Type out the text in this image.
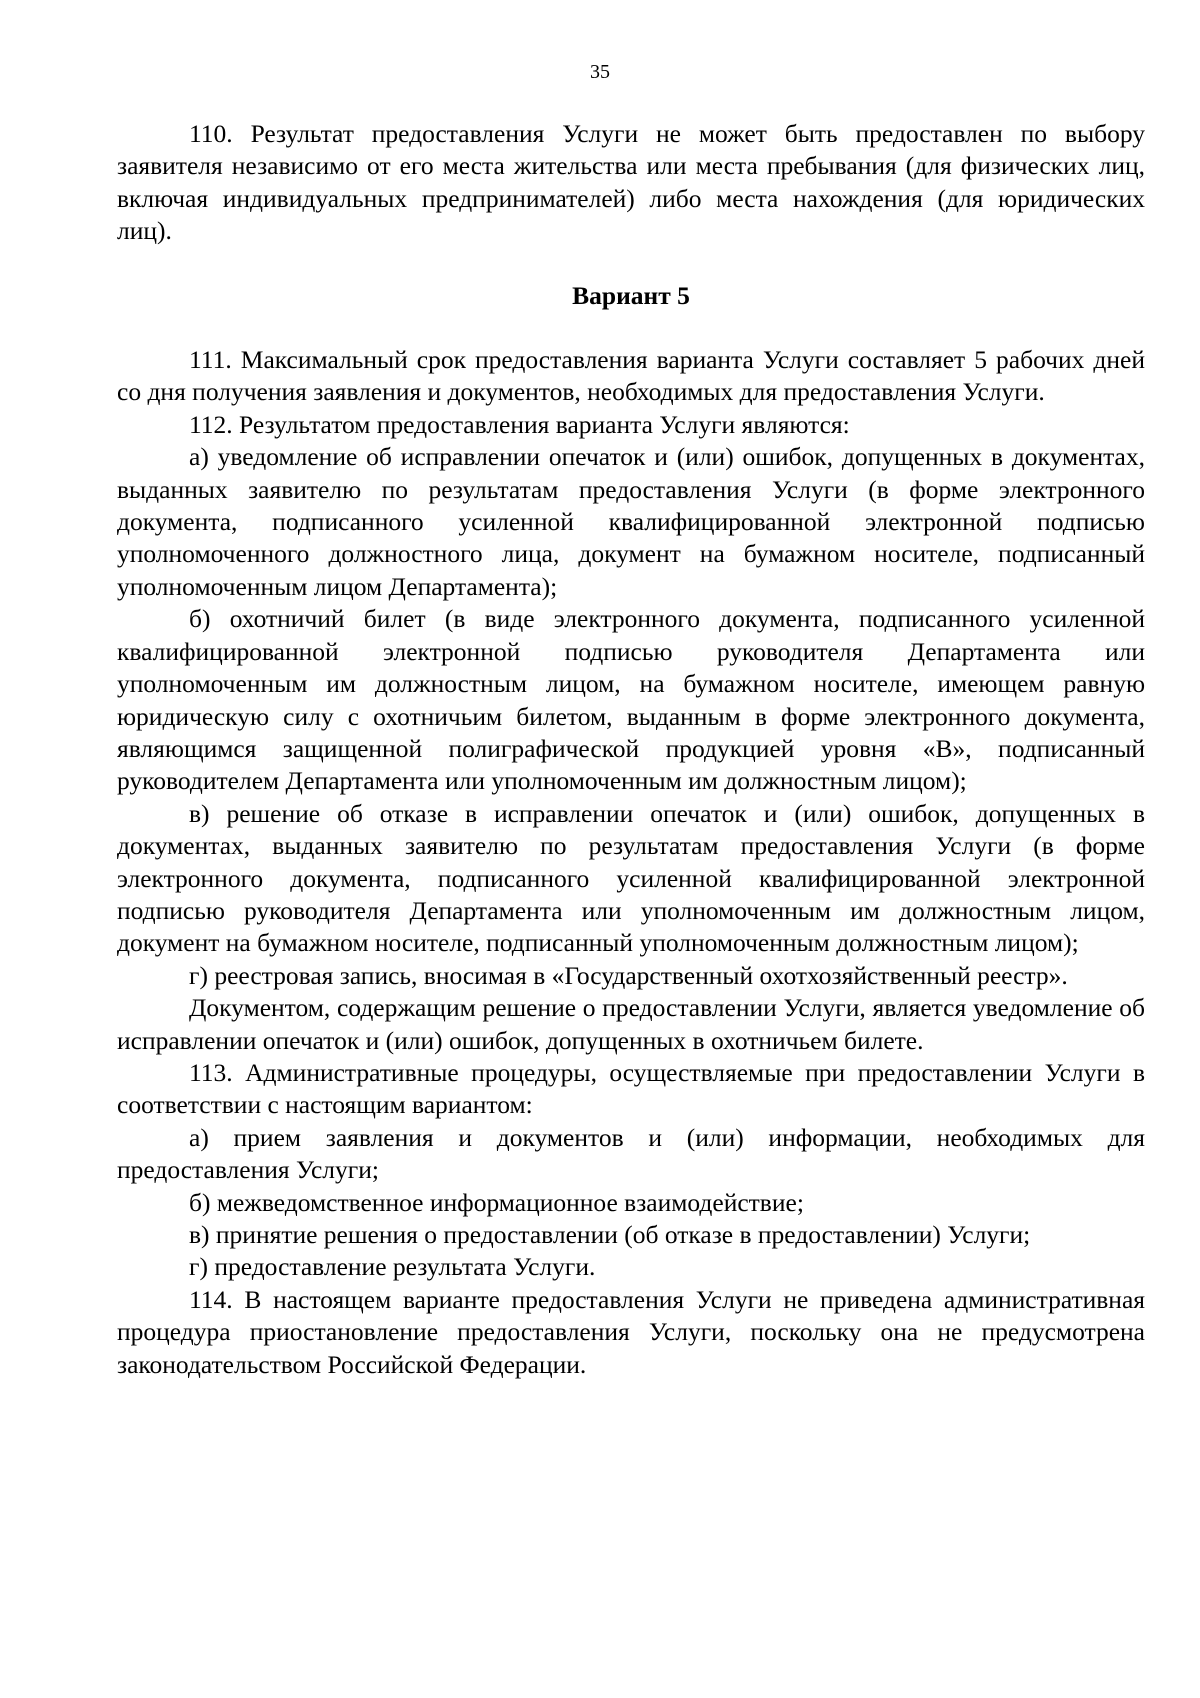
35

110. Результат предоставления Услуги не может быть предоставлен по выбору заявителя независимо от его места жительства или места пребывания (для физических лиц, включая индивидуальных предпринимателей) либо места нахождения (для юридических лиц).

Вариант 5

111. Максимальный срок предоставления варианта Услуги составляет 5 рабочих дней со дня получения заявления и документов, необходимых для предоставления Услуги.

112. Результатом предоставления варианта Услуги являются:

а) уведомление об исправлении опечаток и (или) ошибок, допущенных в документах, выданных заявителю по результатам предоставления Услуги (в форме электронного документа, подписанного усиленной квалифицированной электронной подписью уполномоченного должностного лица, документ на бумажном носителе, подписанный уполномоченным лицом Департамента);

б) охотничий билет (в виде электронного документа, подписанного усиленной квалифицированной электронной подписью руководителя Департамента или уполномоченным им должностным лицом, на бумажном носителе, имеющем равную юридическую силу с охотничьим билетом, выданным в форме электронного документа, являющимся защищенной полиграфической продукцией уровня «В», подписанный руководителем Департамента или уполномоченным им должностным лицом);

в) решение об отказе в исправлении опечаток и (или) ошибок, допущенных в документах, выданных заявителю по результатам предоставления Услуги (в форме электронного документа, подписанного усиленной квалифицированной электронной подписью руководителя Департамента или уполномоченным им должностным лицом, документ на бумажном носителе, подписанный уполномоченным должностным лицом);

г) реестровая запись, вносимая в «Государственный охотхозяйственный реестр».

Документом, содержащим решение о предоставлении Услуги, является уведомление об исправлении опечаток и (или) ошибок, допущенных в охотничьем билете.

113. Административные процедуры, осуществляемые при предоставлении Услуги в соответствии с настоящим вариантом:

а) прием заявления и документов и (или) информации, необходимых для предоставления Услуги;

б) межведомственное информационное взаимодействие;

в) принятие решения о предоставлении (об отказе в предоставлении) Услуги;

г) предоставление результата Услуги.

114. В настоящем варианте предоставления Услуги не приведена административная процедура приостановление предоставления Услуги, поскольку она не предусмотрена законодательством Российской Федерации.
